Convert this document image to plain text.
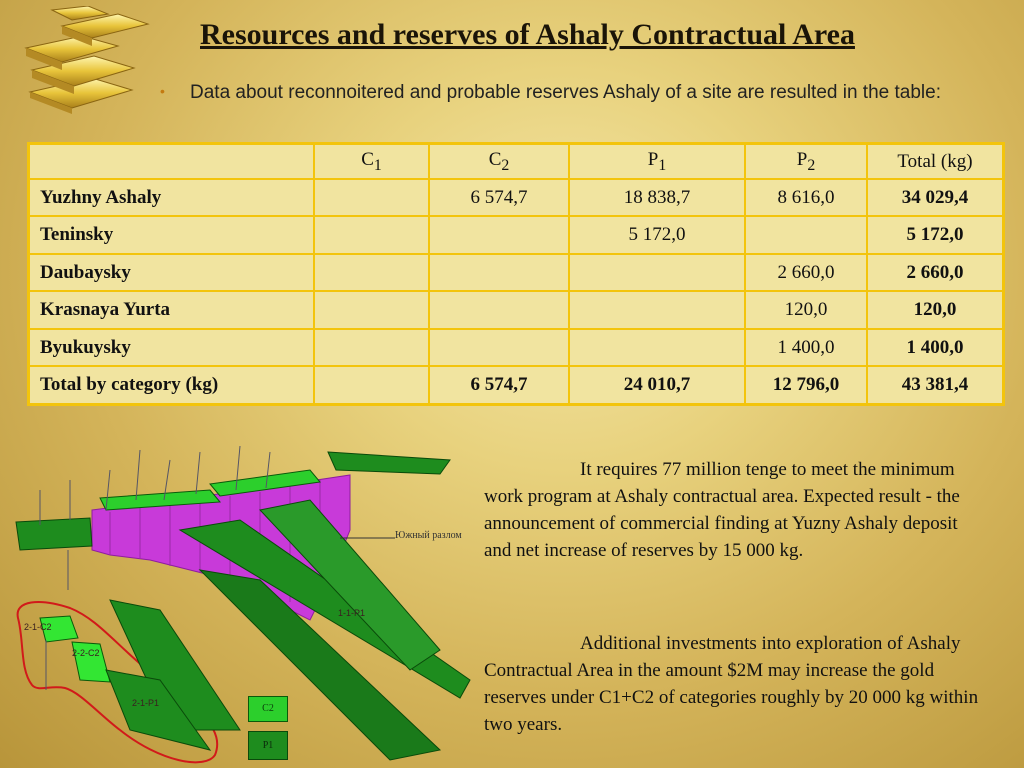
Resources and reserves of Ashaly Contractual Area
• Data about reconnoitered and probable reserves Ashaly of a site are resulted in the table:
	$C_1$	$C_2$	$P_1$	$P_2$	Total (kg)
Yuzhny Ashaly		6 574,7	18 838,7	8 616,0	34 029,4
Teninsky			5 172,0		5 172,0
Daubaysky				2 660,0	2 660,0
Krasnaya Yurta				120,0	120,0
Byukuysky				1 400,0	1 400,0
Total by category (kg)		6 574,7	24 010,7	12 796,0	43 381,4
2-1-C2
2-2-C2
2-1-P1
1-1-P1
Южный разлом
C2
P1
It requires 77 million tenge to meet the minimum work program at Ashaly contractual area. Expected result - the announcement of commercial finding at Yuzny Ashaly deposit and net increase of reserves by 15 000 kg.
Additional investments into exploration of Ashaly Contractual Area in the amount $2M may increase the gold reserves under C1+C2 of categories roughly by 20 000 kg within two years.
